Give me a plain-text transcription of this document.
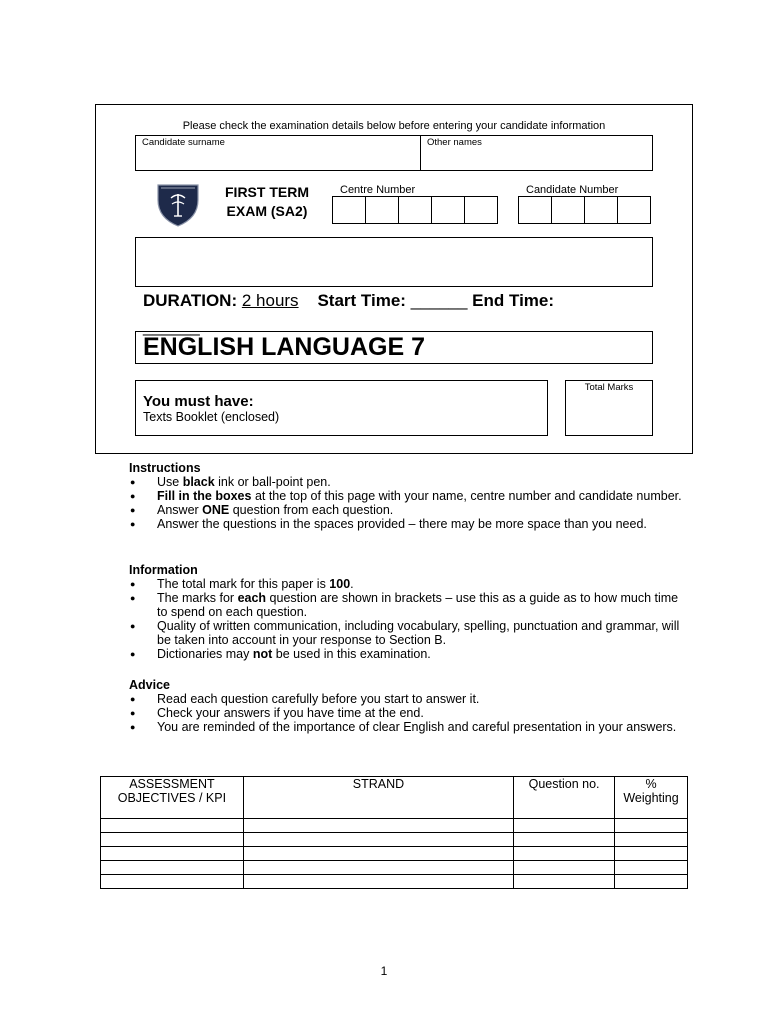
Please check the examination details below before entering your candidate information
Candidate surname	Other names
FIRST TERM
EXAM (SA2)
Centre Number	Candidate Number
DURATION: 2 hours Start Time: ______ End Time: ______
ENGLISH LANGUAGE 7
You must have:
Texts Booklet (enclosed)
Total Marks
Instructions
● Use black ink or ball-point pen.
● Fill in the boxes at the top of this page with your name, centre number and candidate number.
● Answer ONE question from each question.
● Answer the questions in the spaces provided – there may be more space than you need.
Information
● The total mark for this paper is 100.
● The marks for each question are shown in brackets – use this as a guide as to how much time to spend on each question.
● Quality of written communication, including vocabulary, spelling, punctuation and grammar, will be taken into account in your response to Section B.
● Dictionaries may not be used in this examination.
Advice
● Read each question carefully before you start to answer it.
● Check your answers if you have time at the end.
● You are reminded of the importance of clear English and careful presentation in your answers.
ASSESSMENT OBJECTIVES / KPI	STRAND	Question no.	% Weighting

1
